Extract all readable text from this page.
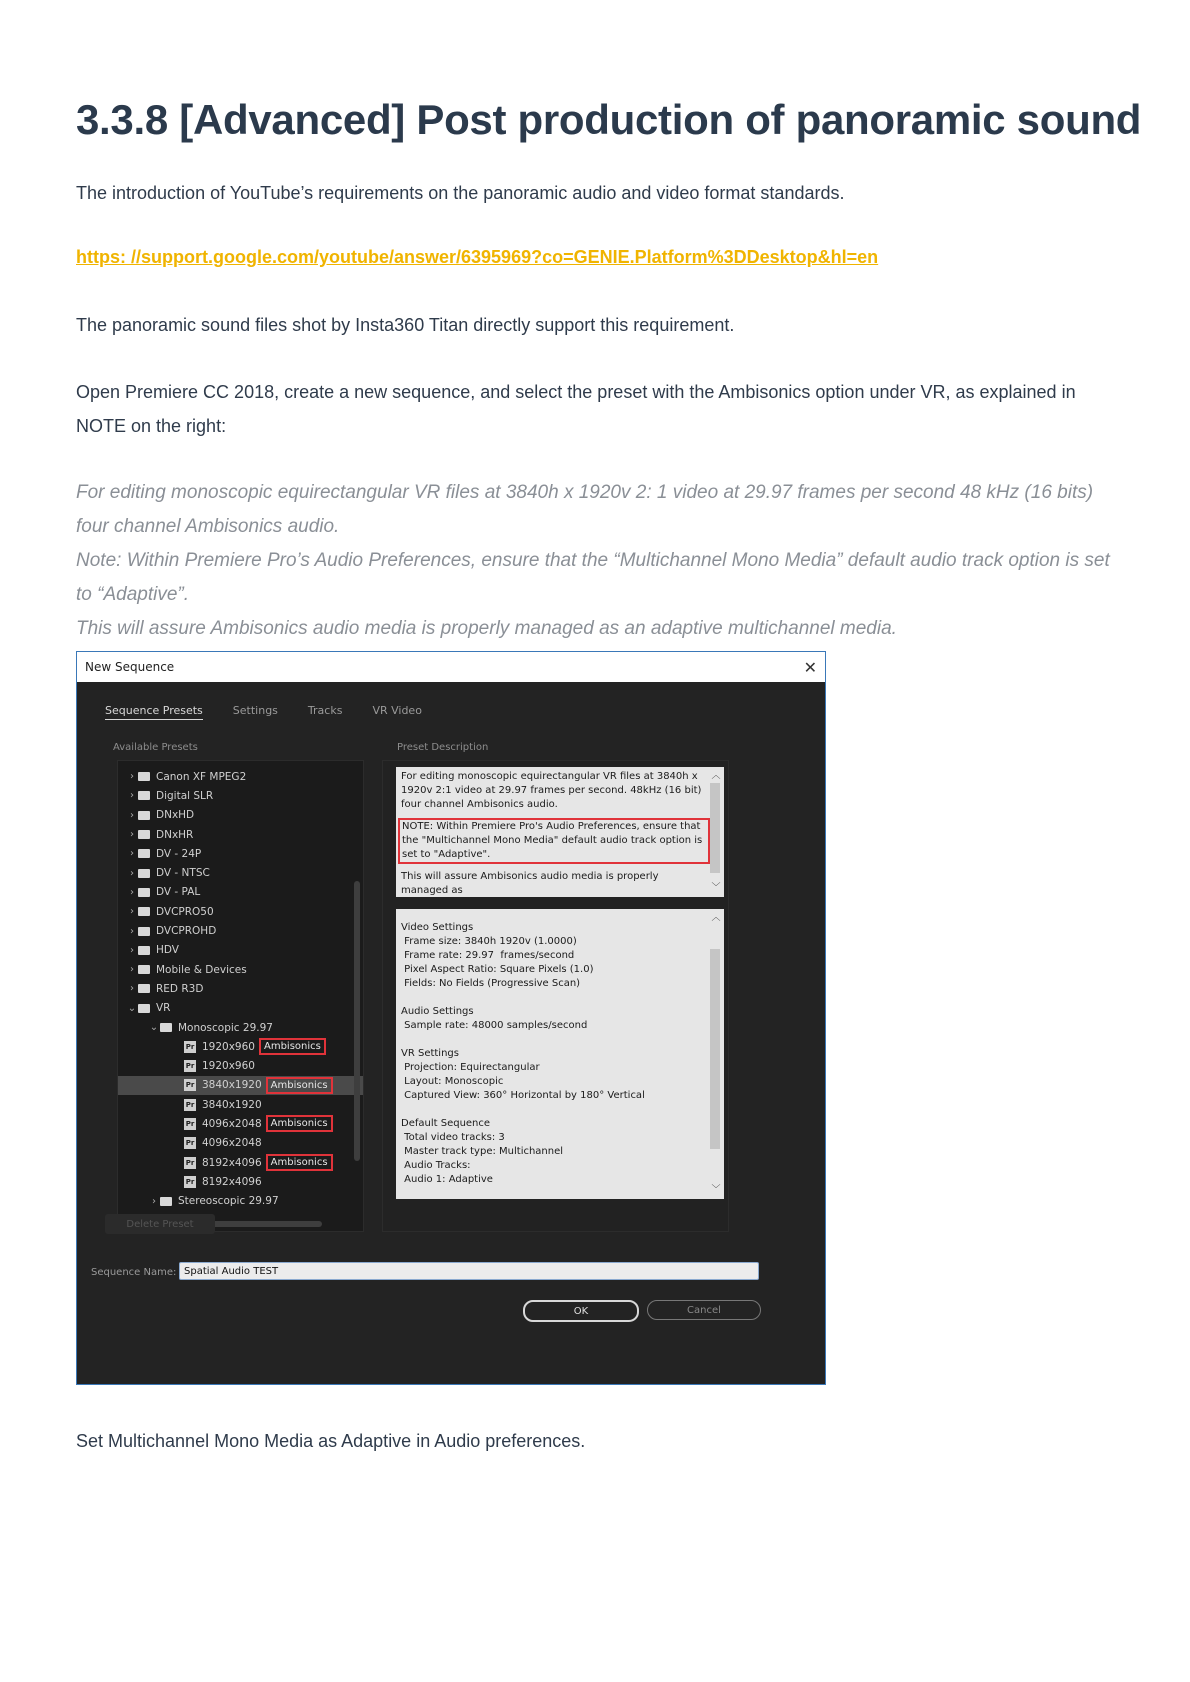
3.3.8 [Advanced] Post production of panoramic sound

The introduction of YouTube’s requirements on the panoramic audio and video format standards.

https: //support.google.com/youtube/answer/6395969?co=GENIE.Platform%3DDesktop&hl=en

The panoramic sound files shot by Insta360 Titan directly support this requirement.

Open Premiere CC 2018, create a new sequence, and select the preset with the Ambisonics option under VR, as explained in NOTE on the right:

For editing monoscopic equirectangular VR files at 3840h x 1920v 2: 1 video at 29.97 frames per second 48 kHz (16 bits) four channel Ambisonics audio.

Note: Within Premiere Pro’s Audio Preferences, ensure that the “Multichannel Mono Media” default audio track option is set to “Adaptive”.

This will assure Ambisonics audio media is properly managed as an adaptive multichannel media.

New Sequence	✕
Sequence Presets	Settings	Tracks	VR Video
Available Presets	Preset Description
›	Canon XF MPEG2
›	Digital SLR
›	DNxHD
›	DNxHR
›	DV - 24P
›	DV - NTSC
›	DV - PAL
›	DVCPRO50
›	DVCPROHD
›	HDV
›	Mobile & Devices
›	RED R3D
⌄ VR
⌄ Monoscopic 29.97
Pr 1920x960 Ambisonics
Pr 1920x960
Pr 3840x1920 Ambisonics
Pr 3840x1920
Pr 4096x2048 Ambisonics
Pr 4096x2048
Pr 8192x4096 Ambisonics
Pr 8192x4096
›	Stereoscopic 29.97
For editing monoscopic equirectangular VR files at 3840h x 1920v 2:1 video at 29.97 frames per second. 48kHz (16 bit) four channel Ambisonics audio.
NOTE: Within Premiere Pro's Audio Preferences, ensure that the "Multichannel Mono Media" default audio track option is set to "Adaptive".
This will assure Ambisonics audio media is properly managed as
︿
﹀
Video Settings
Frame size: 3840h 1920v (1.0000)
Frame rate: 29.97  frames/second
Pixel Aspect Ratio: Square Pixels (1.0)
Fields: No Fields (Progressive Scan)
Audio Settings
Sample rate: 48000 samples/second
VR Settings
Projection: Equirectangular
Layout: Monoscopic
Captured View: 360° Horizontal by 180° Vertical
Default Sequence
Total video tracks: 3
Master track type: Multichannel
Audio Tracks:
Audio 1: Adaptive
︿
﹀
Delete Preset
Sequence Name: Spatial Audio TEST
OK	Cancel

Set Multichannel Mono Media as Adaptive in Audio preferences.
